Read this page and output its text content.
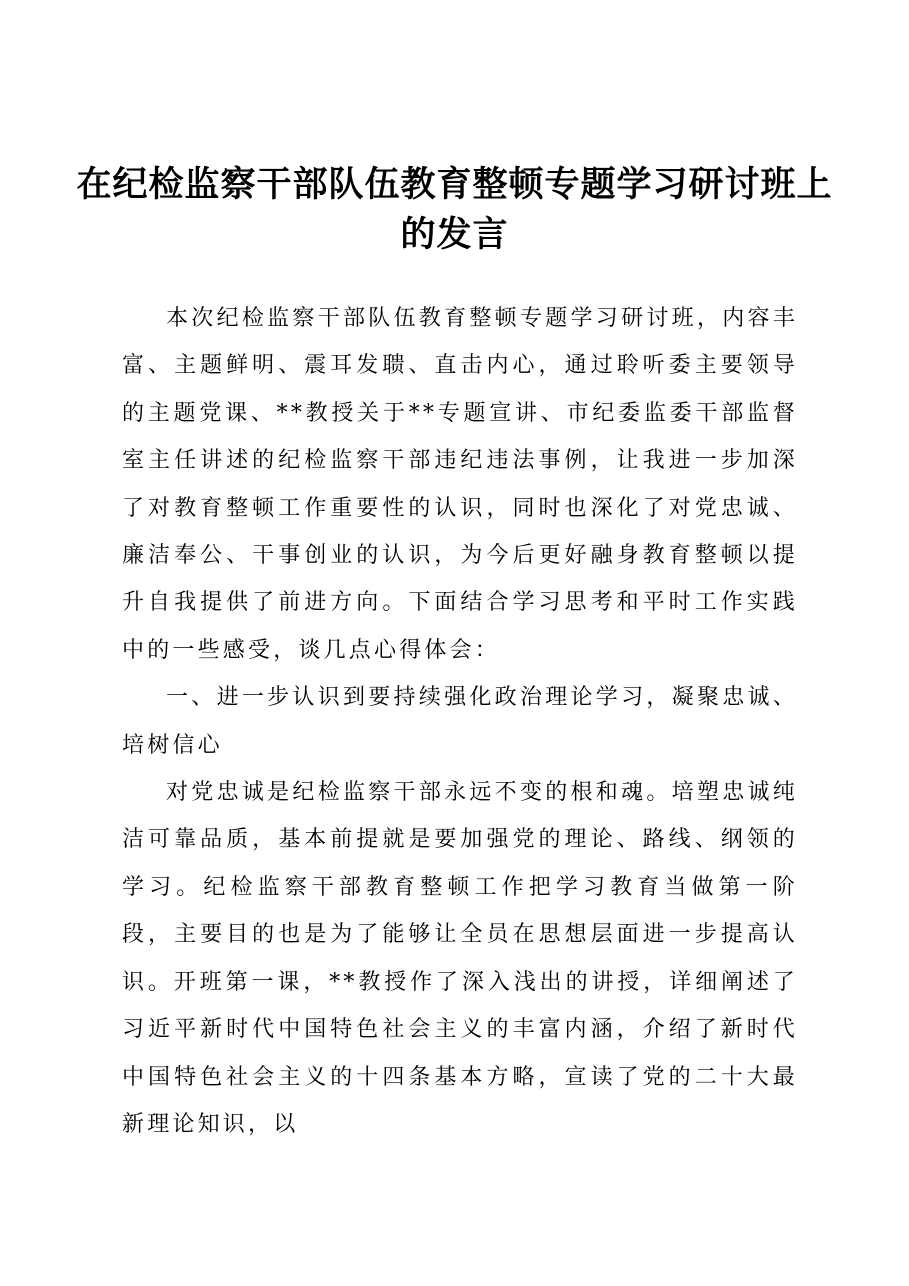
在纪检监察干部队伍教育整顿专题学习研讨班上的发言

本次纪检监察干部队伍教育整顿专题学习研讨班，内容丰富、主题鲜明、震耳发聩、直击内心，通过聆听委主要领导的主题党课、**教授关于**专题宣讲、市纪委监委干部监督室主任讲述的纪检监察干部违纪违法事例，让我进一步加深了对教育整顿工作重要性的认识，同时也深化了对党忠诚、廉洁奉公、干事创业的认识，为今后更好融身教育整顿以提升自我提供了前进方向。下面结合学习思考和平时工作实践中的一些感受，谈几点心得体会：

一、进一步认识到要持续强化政治理论学习，凝聚忠诚、培树信心

对党忠诚是纪检监察干部永远不变的根和魂。培塑忠诚纯洁可靠品质，基本前提就是要加强党的理论、路线、纲领的学习。纪检监察干部教育整顿工作把学习教育当做第一阶段，主要目的也是为了能够让全员在思想层面进一步提高认识。开班第一课，**教授作了深入浅出的讲授，详细阐述了习近平新时代中国特色社会主义的丰富内涵，介绍了新时代中国特色社会主义的十四条基本方略，宣读了党的二十大最新理论知识，以
